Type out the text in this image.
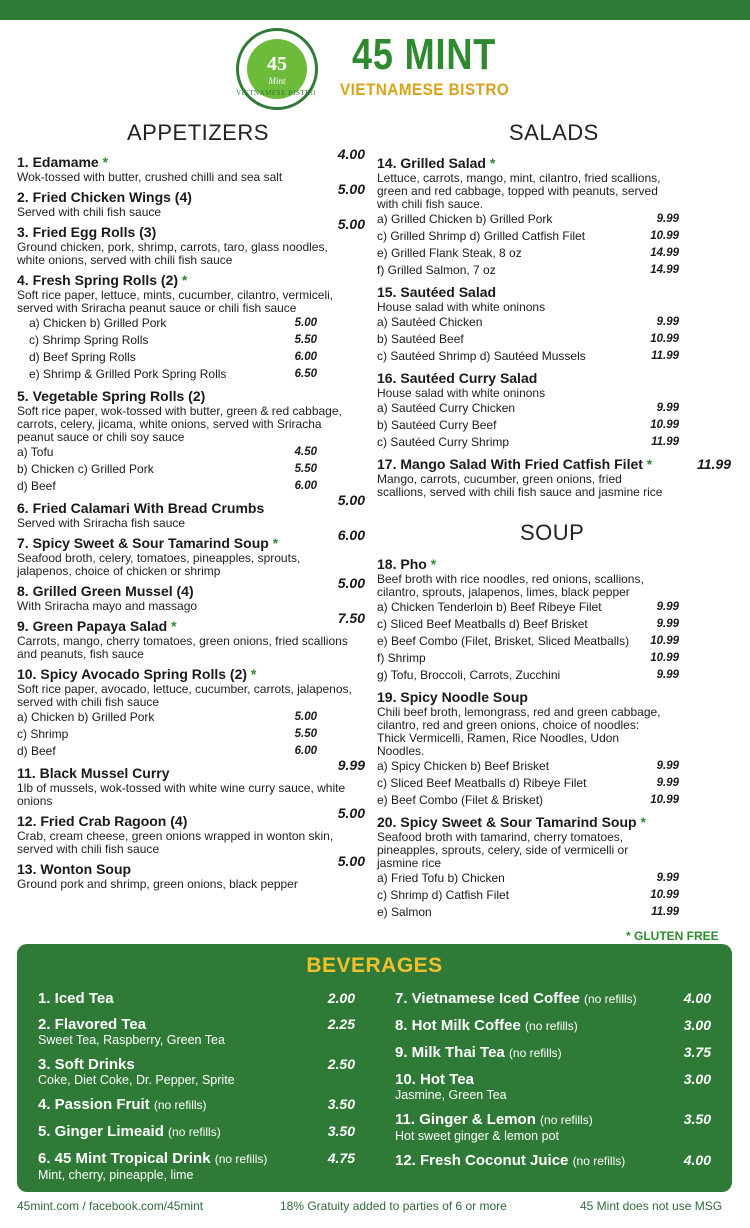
45
Mint
VIETNAMESE BISTRO
45 MINT
VIETNAMESE BISTRO
APPETIZERS	SALADS
SOUP
1. Edamame *	4.00
Wok-tossed with butter, crushed chilli and sea salt
2. Fried Chicken Wings (4)	5.00
Served with chili fish sauce
3. Fried Egg Rolls (3)	5.00
Ground chicken, pork, shrimp, carrots, taro, glass noodles, white onions, served with chili fish sauce
4. Fresh Spring Rolls (2) *
Soft rice paper, lettuce, mints, cucumber, cilantro, vermiceli, served with Sriracha peanut sauce or chili fish sauce
a) Chicken b) Grilled Pork	5.00
c) Shrimp Spring Rolls	5.50
d) Beef Spring Rolls	6.00
e) Shrimp & Grilled Pork Spring Rolls	6.50
5. Vegetable Spring Rolls (2)
Soft rice paper, wok-tossed with butter, green & red cabbage, carrots, celery, jicama, white onions, served with Sriracha peanut sauce or chili soy sauce
a) Tofu	4.50
b) Chicken c) Grilled Pork	5.50
d) Beef	6.00
6. Fried Calamari With Bread Crumbs	5.00
Served with Sriracha fish sauce
7. Spicy Sweet & Sour Tamarind Soup *	6.00
Seafood broth, celery, tomatoes, pineapples, sprouts, jalapenos, choice of chicken or shrimp
8. Grilled Green Mussel (4)	5.00
With Sriracha mayo and massago
9. Green Papaya Salad *	7.50
Carrots, mango, cherry tomatoes, green onions, fried scallions and peanuts, fish sauce
10. Spicy Avocado Spring Rolls (2) *
Soft rice paper, avocado, lettuce, cucumber, carrots, jalapenos, served with chili fish sauce
a) Chicken b) Grilled Pork	5.00
c) Shrimp	5.50
d) Beef	6.00
11. Black Mussel Curry	9.99
1lb of mussels, wok-tossed with white wine curry sauce, white onions
12. Fried Crab Ragoon (4)	5.00
Crab, cream cheese, green onions wrapped in wonton skin, served with chili fish sauce
13. Wonton Soup	5.00
Ground pork and shrimp, green onions, black pepper
14. Grilled Salad *
Lettuce, carrots, mango, mint, cilantro, fried scallions, green and red cabbage, topped with peanuts, served with chili fish sauce.
a) Grilled Chicken b) Grilled Pork	9.99
c) Grilled Shrimp d) Grilled Catfish Filet	10.99
e) Grilled Flank Steak, 8 oz	14.99
f) Grilled Salmon, 7 oz	14.99
15. Sautéed Salad
House salad with white oninons
a) Sautéed Chicken	9.99
b) Sautéed Beef	10.99
c) Sautéed Shrimp d) Sautéed Mussels	11.99
16. Sautéed Curry Salad
House salad with white oninons
a) Sautéed Curry Chicken	9.99
b) Sautéed Curry Beef	10.99
c) Sautéed Curry Shrimp	11.99
17. Mango Salad With Fried Catfish Filet *	11.99
Mango, carrots, cucumber, green onions, fried scallions, served with chili fish sauce and jasmine rice
18. Pho *
Beef broth with rice noodles, red onions, scallions, cilantro, sprouts, jalapenos, limes, black pepper
a) Chicken Tenderloin b) Beef Ribeye Filet	9.99
c) Sliced Beef Meatballs d) Beef Brisket	9.99
e) Beef Combo (Filet, Brisket, Sliced Meatballs) 10.99
f) Shrimp	10.99
g) Tofu, Broccoli, Carrots, Zucchini	9.99
19. Spicy Noodle Soup
Chili beef broth, lemongrass, red and green cabbage, cilantro, red and green onions, choice of noodles: Thick Vermicelli, Ramen, Rice Noodles, Udon Noodles.
a) Spicy Chicken b) Beef Brisket	9.99
c) Sliced Beef Meatballs d) Ribeye Filet	9.99
e) Beef Combo (Filet & Brisket)	10.99
20. Spicy Sweet & Sour Tamarind Soup *
Seafood broth with tamarind, cherry tomatoes, pineapples, sprouts, celery, side of vermicelli or jasmine rice
a) Fried Tofu b) Chicken	9.99
c) Shrimp d) Catfish Filet	10.99
e) Salmon	11.99
* GLUTEN FREE
BEVERAGES
1. Iced Tea	2.00
2. Flavored Tea
Sweet Tea, Raspberry, Green Tea
2.25
3. Soft Drinks
Coke, Diet Coke, Dr. Pepper, Sprite
2.50
4. Passion Fruit (no refills)	3.50
5. Ginger Limeaid (no refills)	3.50
6. 45 Mint Tropical Drink (no refills)
Mint, cherry, pineapple, lime
4.75
7. Vietnamese Iced Coffee (no refills)	4.00
8. Hot Milk Coffee (no refills)	3.00
9. Milk Thai Tea (no refills)	3.75
10. Hot Tea
Jasmine, Green Tea
3.00
11. Ginger & Lemon (no refills)
Hot sweet ginger & lemon pot
3.50
12. Fresh Coconut Juice (no refills)	4.00
45mint.com / facebook.com/45mint	18% Gratuity added to parties of 6 or more	45 Mint does not use MSG
